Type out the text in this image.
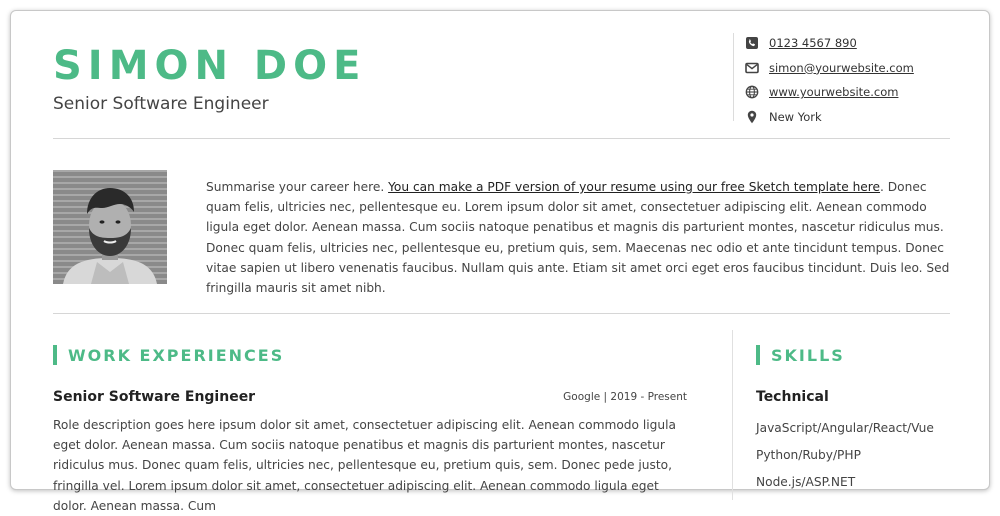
SIMON DOE
Senior Software Engineer
0123 4567 890
simon@yourwebsite.com
www.yourwebsite.com
New York
Summarise your career here. You can make a PDF version of your resume using our free Sketch template here. Donec quam felis, ultricies nec, pellentesque eu. Lorem ipsum dolor sit amet, consectetuer adipiscing elit. Aenean commodo ligula eget dolor. Aenean massa. Cum sociis natoque penatibus et magnis dis parturient montes, nascetur ridiculus mus. Donec quam felis, ultricies nec, pellentesque eu, pretium quis, sem. Maecenas nec odio et ante tincidunt tempus. Donec vitae sapien ut libero venenatis faucibus. Nullam quis ante. Etiam sit amet orci eget eros faucibus tincidunt. Duis leo. Sed fringilla mauris sit amet nibh.
WORK EXPERIENCES
Senior Software Engineer	Google | 2019 - Present
Role description goes here ipsum dolor sit amet, consectetuer adipiscing elit. Aenean commodo ligula eget dolor. Aenean massa. Cum sociis natoque penatibus et magnis dis parturient montes, nascetur ridiculus mus. Donec quam felis, ultricies nec, pellentesque eu, pretium quis, sem. Donec pede justo, fringilla vel. Lorem ipsum dolor sit amet, consectetuer adipiscing elit. Aenean commodo ligula eget dolor. Aenean massa. Cum
SKILLS
Technical
JavaScript/Angular/React/Vue
Python/Ruby/PHP
Node.js/ASP.NET
